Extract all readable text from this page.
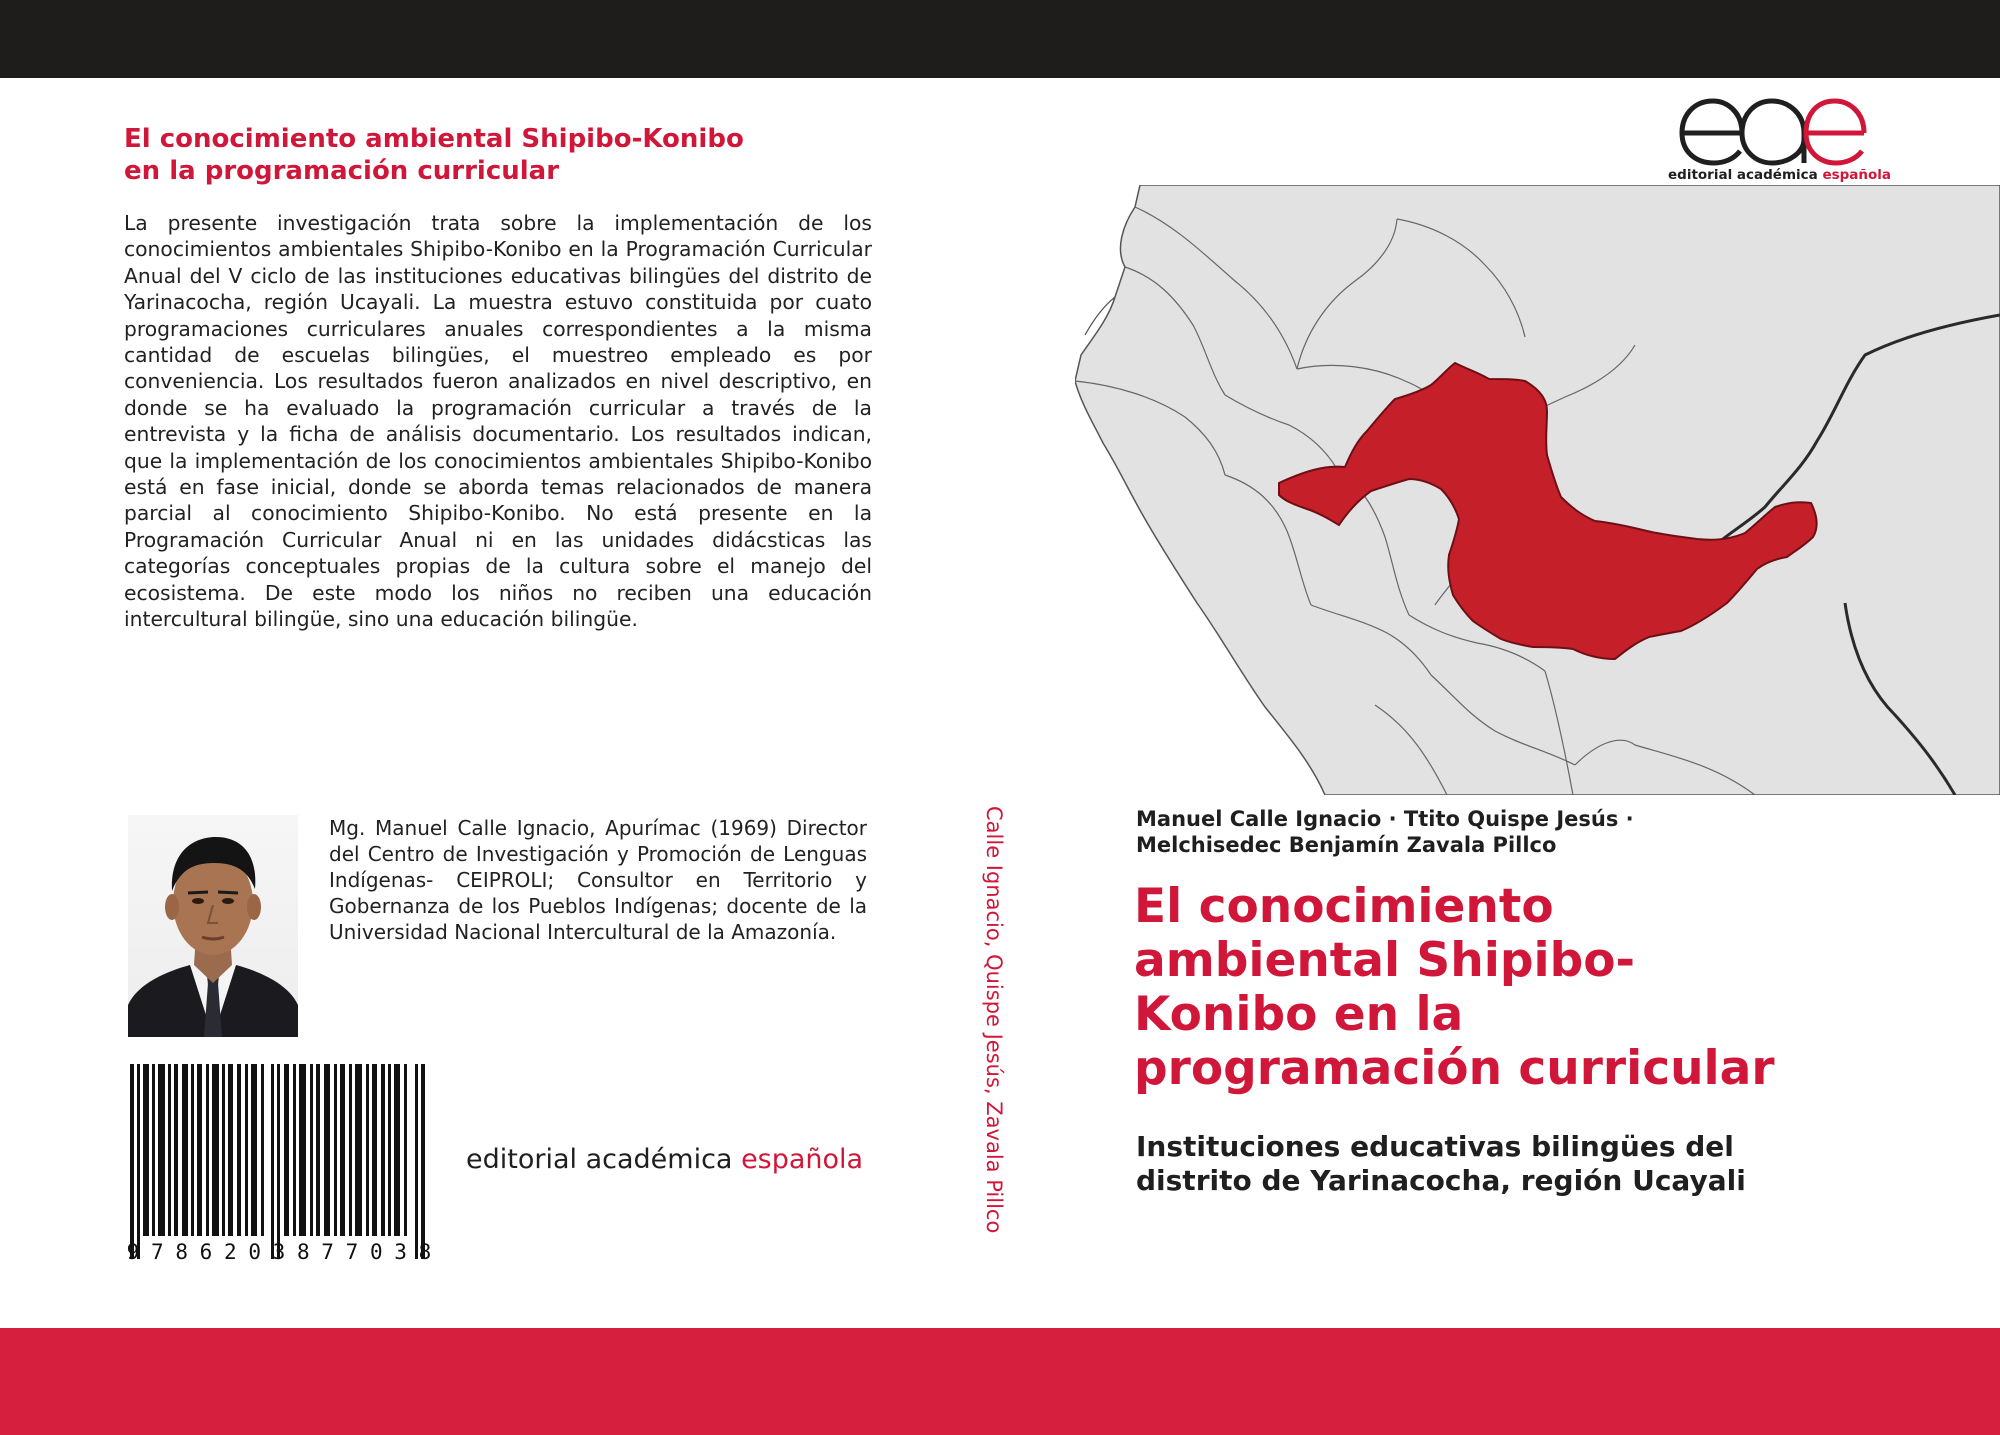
El conocimiento ambiental Shipibo-Konibo
en la programación curricular

La presente investigación trata sobre la implementación de los conocimientos ambientales Shipibo-Konibo en la Programación Curricular Anual del V ciclo de las instituciones educativas bilingües del distrito de Yarinacocha, región Ucayali. La muestra estuvo constituida por cuato programaciones curriculares anuales correspondientes a la misma cantidad de escuelas bilingües, el muestreo empleado es por conveniencia. Los resultados fueron analizados en nivel descriptivo, en donde se ha evaluado la programación curricular a través de la entrevista y la ficha de análisis documentario. Los resultados indican, que la implementación de los conocimientos ambientales Shipibo-Konibo está en fase inicial, donde se aborda temas relacionados de manera parcial al conocimiento Shipibo-Konibo. No está presente en la Programación Curricular Anual ni en las unidades didácsticas las categorías conceptuales propias de la cultura sobre el manejo del ecosistema. De este modo los niños no reciben una educación intercultural bilingüe, sino una educación bilingüe.

Mg. Manuel Calle Ignacio, Apurímac (1969) Director del Centro de Investigación y Promoción de Lenguas Indígenas- CEIPROLI; Consultor en Territorio y Gobernanza de los Pueblos Indígenas; docente de la Universidad Nacional Intercultural de la Amazonía.

9 7 8 6 2 0 3 8 7 7 0 3 8
editorial académica española	Calle Ignacio, Quispe Jesús, Zavala Pillco
editorial académica española
Manuel Calle Ignacio · Ttito Quispe Jesús ·
Melchisedec Benjamín Zavala Pillco
El conocimiento
ambiental Shipibo-
Konibo en la
programación curricular
Instituciones educativas bilingües del
distrito de Yarinacocha, región Ucayali
